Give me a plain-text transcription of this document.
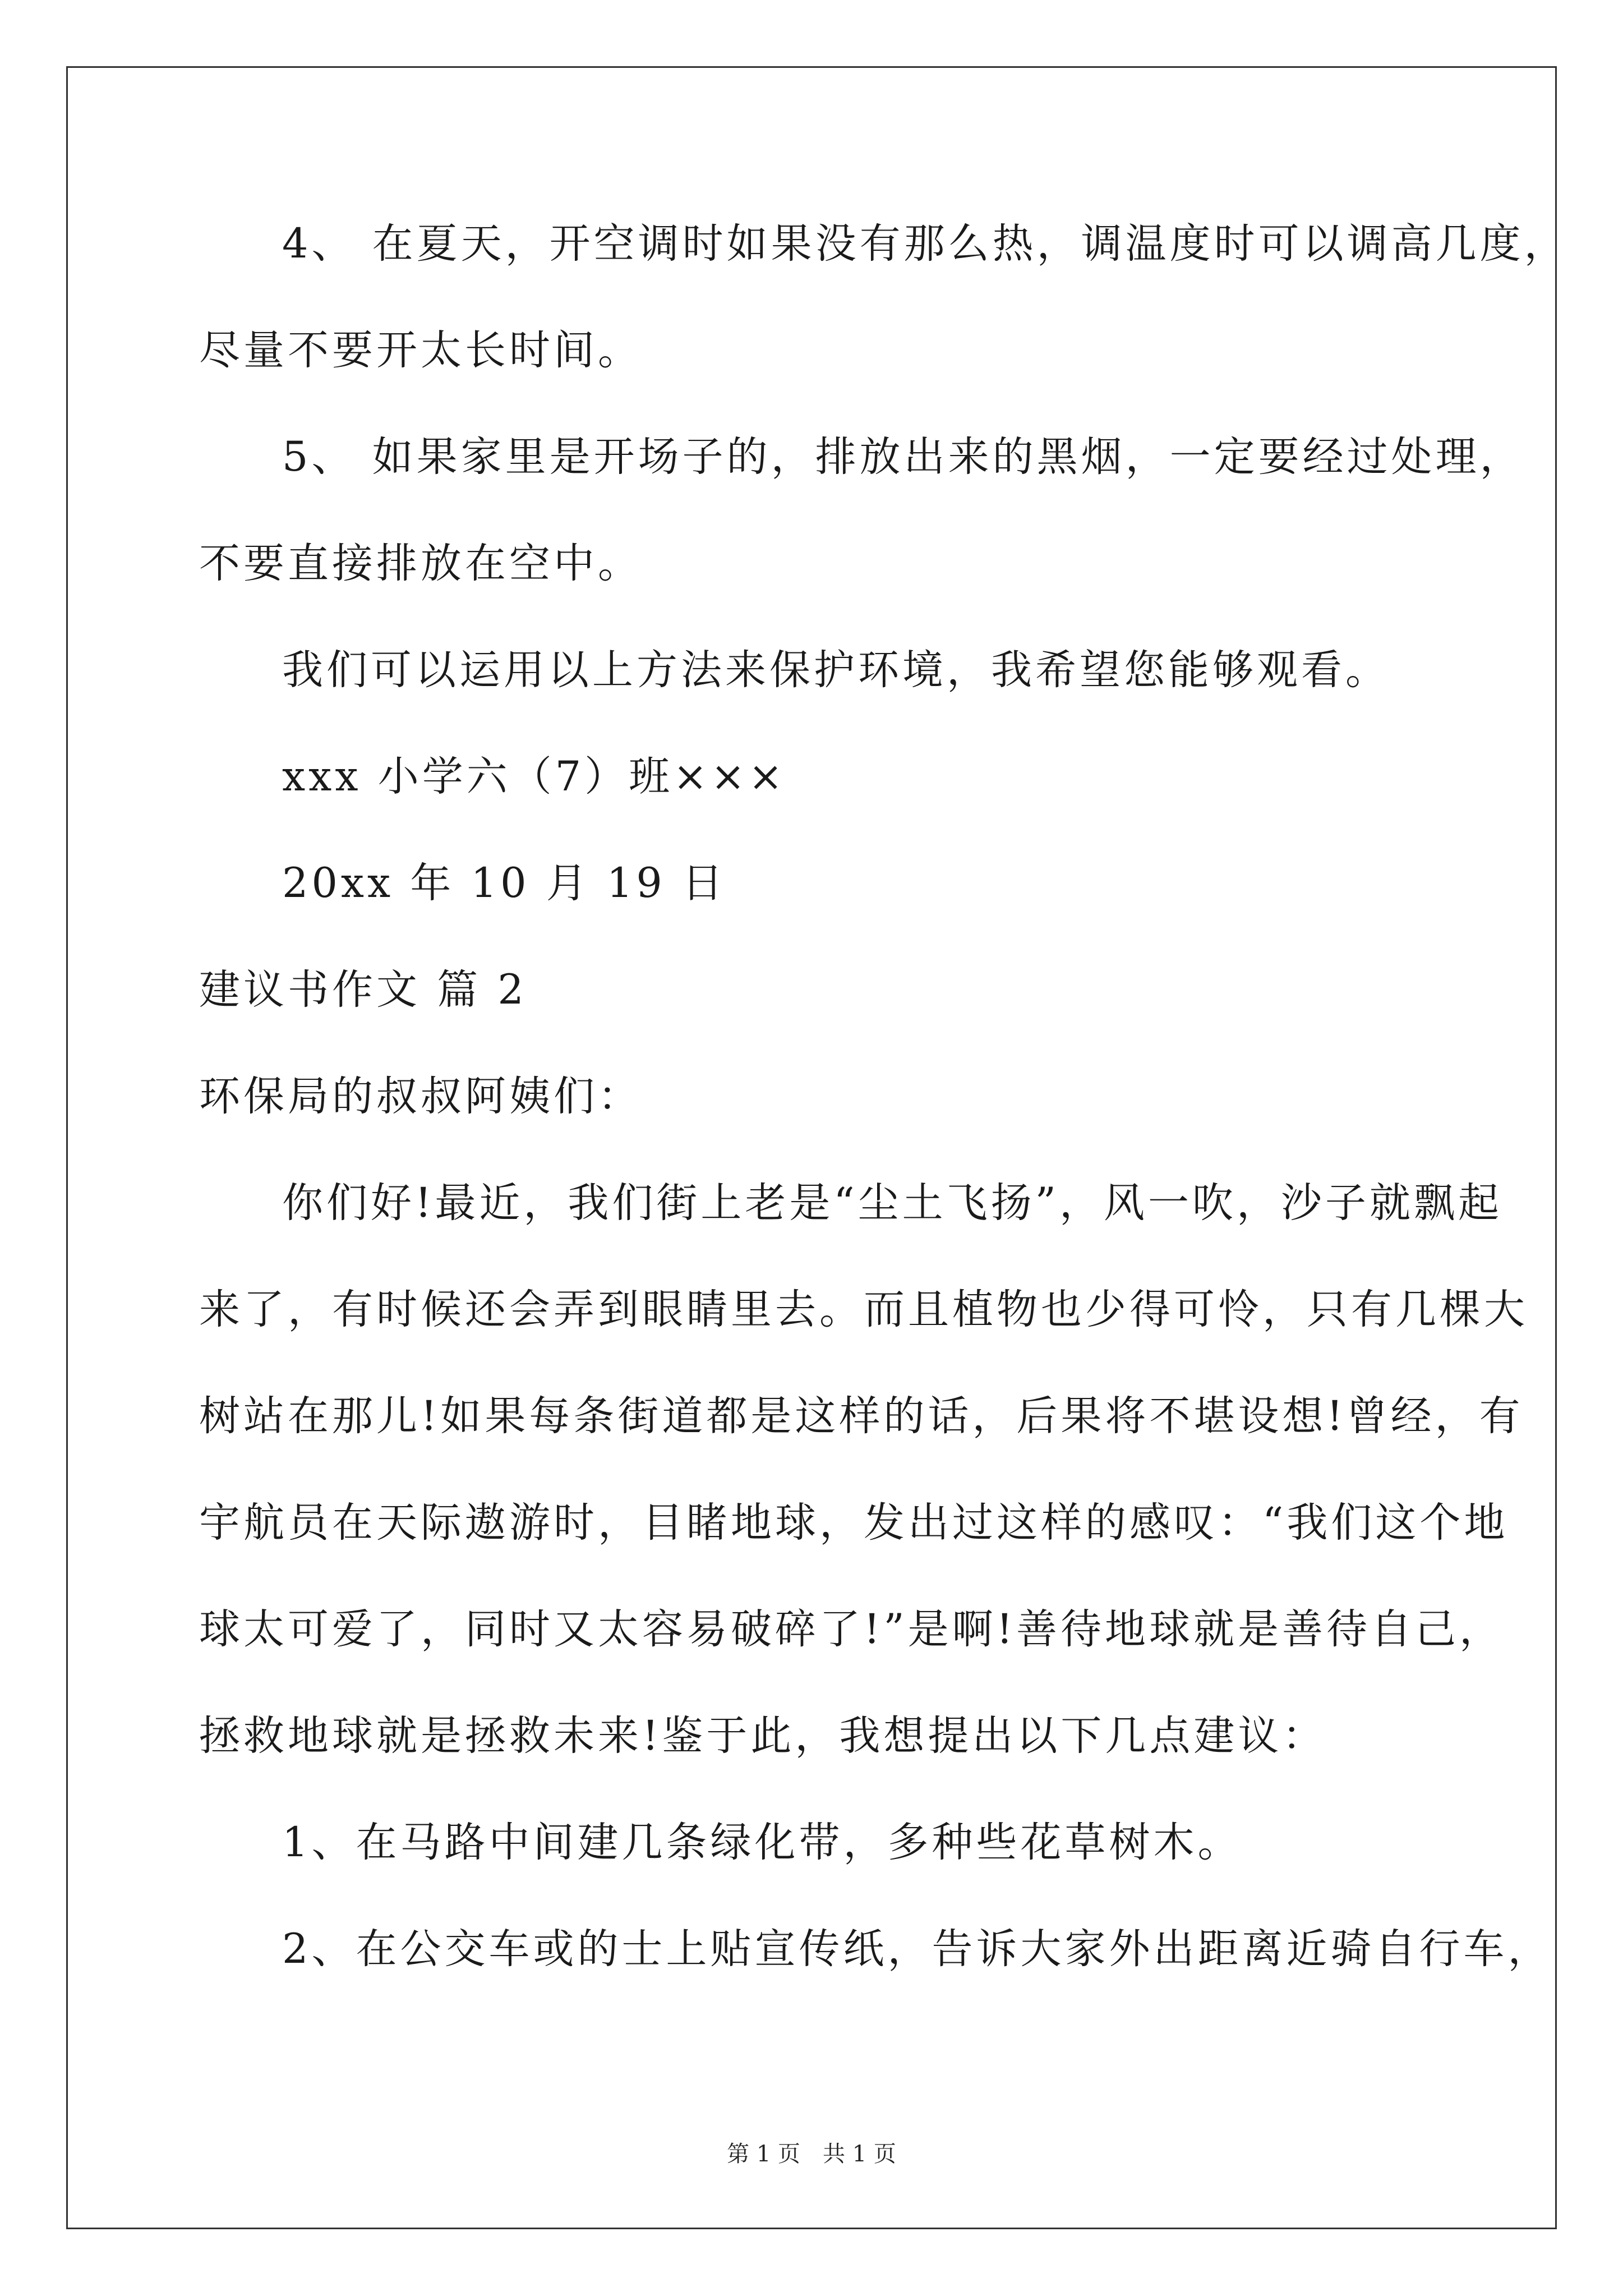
4、 在夏天，开空调时如果没有那么热，调温度时可以调高几度，
尽量不要开太长时间。
5、 如果家里是开场子的，排放出来的黑烟，一定要经过处理，
不要直接排放在空中。
我们可以运用以上方法来保护环境，我希望您能够观看。
xxx 小学六（7）班×××
20xx 年 10 月 19 日
建议书作文 篇 2
环保局的叔叔阿姨们：
你们好!最近，我们街上老是“尘土飞扬”，风一吹，沙子就飘起
来了，有时候还会弄到眼睛里去。而且植物也少得可怜，只有几棵大
树站在那儿!如果每条街道都是这样的话，后果将不堪设想!曾经，有
宇航员在天际遨游时，目睹地球，发出过这样的感叹：“我们这个地
球太可爱了，同时又太容易破碎了!”是啊!善待地球就是善待自己，
拯救地球就是拯救未来!鉴于此，我想提出以下几点建议：
1、在马路中间建几条绿化带，多种些花草树木。
2、在公交车或的士上贴宣传纸，告诉大家外出距离近骑自行车，
第 1 页　共 1 页
